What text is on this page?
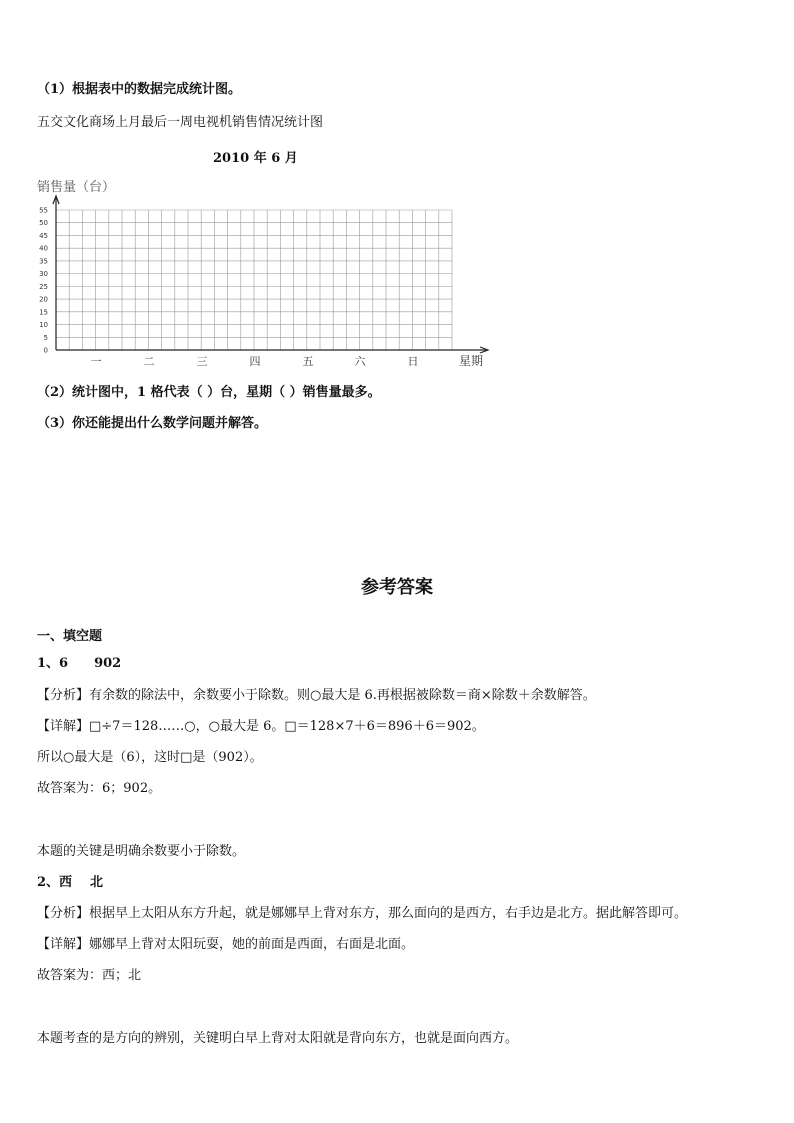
（1）根据表中的数据完成统计图。
五交文化商场上月最后一周电视机销售情况统计图
2010 年 6 月
销售量（台）
0
5
10
15
20
25
30
35
40
45
50
55
一	二	三	四	五	六	日	星期
（2）统计图中，1 格代表（ ）台，星期（ ）销售量最多。
（3）你还能提出什么数学问题并解答。
参考答案
一、填空题
1、6 902
【分析】有余数的除法中，余数要小于除数。则○最大是 6.再根据被除数＝商×除数＋余数解答。
【详解】□÷7＝128……○，○最大是 6。□＝128×7＋6＝896＋6＝902。
所以○最大是（6），这时□是（902）。
故答案为：6；902。
本题的关键是明确余数要小于除数。
2、西 北
【分析】根据早上太阳从东方升起，就是娜娜早上背对东方，那么面向的是西方，右手边是北方。据此解答即可。
【详解】娜娜早上背对太阳玩耍，她的前面是西面，右面是北面。
故答案为：西；北
本题考查的是方向的辨别，关键明白早上背对太阳就是背向东方，也就是面向西方。
